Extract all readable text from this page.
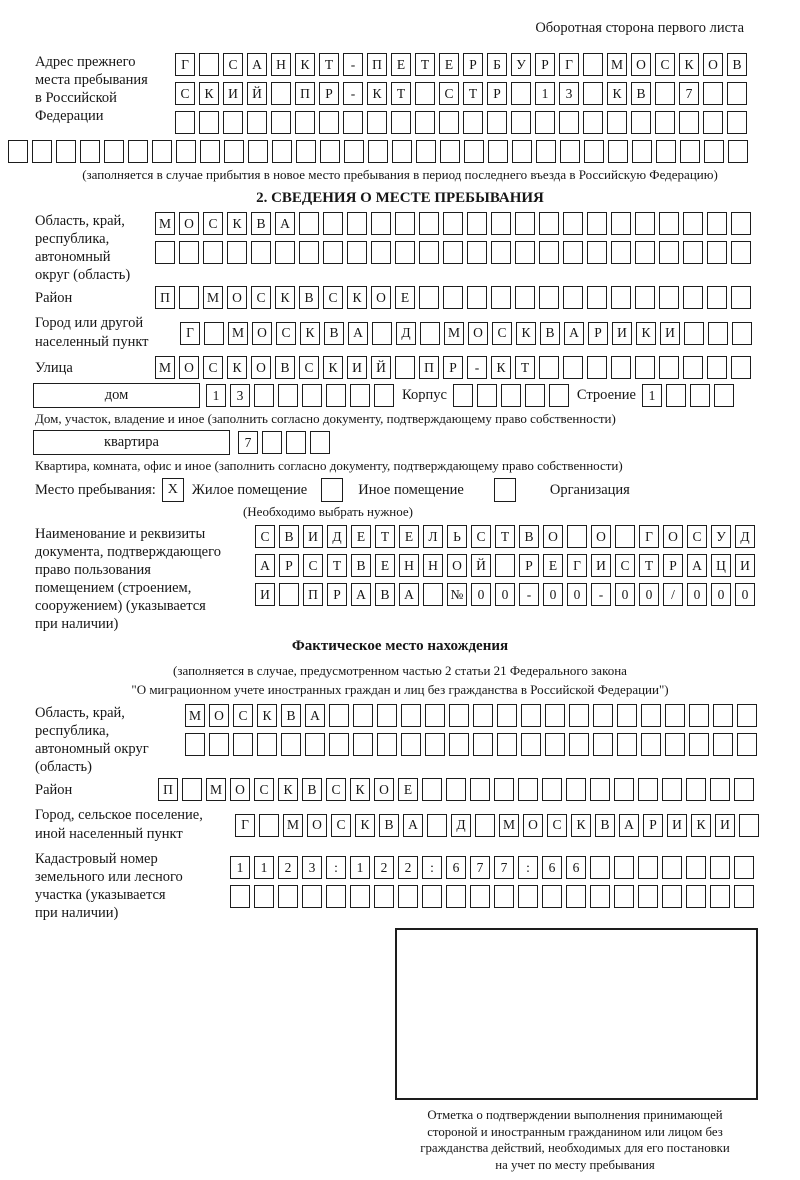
Оборотная сторона первого листа
Адрес прежнего
места пребывания
в Российской
Федерации
Г	С	А	Н	К	Т	-	П	Е	Т	Е	Р	Б	У	Р	Г	М О	С	К	О	В
С	К	И	Й	П	Р	-	К	Т	С	Т	Р	1	3	К	В	7
(заполняется в случае прибытия в новое место пребывания в период последнего въезда в Российскую Федерацию)
2. СВЕДЕНИЯ О МЕСТЕ ПРЕБЫВАНИЯ
Область, край,
республика,
автономный
округ (область)
М О	С	К	В	А
Район	П	М О	С	К	В	С	К	О	Е
Город или другой
населенный пункт
Г	М О	С	К	В	А	Д	М О	С	К	В	А	Р	И	К	И
Улица	М О	С	К	О	В	С	К	И	Й	П	Р	-	К	Т
дом	1	3	Корпус	Строение 1
Дом, участок, владение и иное (заполнить согласно документу, подтверждающему право собственности)
квартира	7
Квартира, комната, офис и иное (заполнить согласно документу, подтверждающему право собственности)
Место пребывания: X Жилое помещение	Иное помещение	Организация
(Необходимо выбрать нужное)
Наименование и реквизиты
документа, подтверждающего
право пользования
помещением (строением,
сооружением) (указывается
при наличии)
С	В	И	Д	Е	Т	Е	Л	Ь	С	Т	В	О	О	Г	О	С	У	Д
А	Р	С	Т	В	Е	Н	Н	О	Й	Р	Е	Г	И	С	Т	Р	А	Ц	И
И	П	Р	А	В	А	№	0	0	-	0	0	-	0	0	/	0	0	0
Фактическое место нахождения
(заполняется в случае, предусмотренном частью 2 статьи 21 Федерального закона
"О миграционном учете иностранных граждан и лиц без гражданства в Российской Федерации")
Область, край,
республика,
автономный округ
(область)
М О	С	К	В	А
Район	П	М О	С	К	В	С	К	О	Е
Город, сельское поселение,
иной населенный пункт
Г	М О	С	К	В	А	Д	М О	С	К	В	А	Р	И	К	И
Кадастровый номер
земельного или лесного
участка (указывается
при наличии)
1	1	2	3	:	1	2	2	:	6	7	7	:	6	6
Отметка о подтверждении выполнения принимающей
стороной и иностранным гражданином или лицом без
гражданства действий, необходимых для его постановки
на учет по месту пребывания
